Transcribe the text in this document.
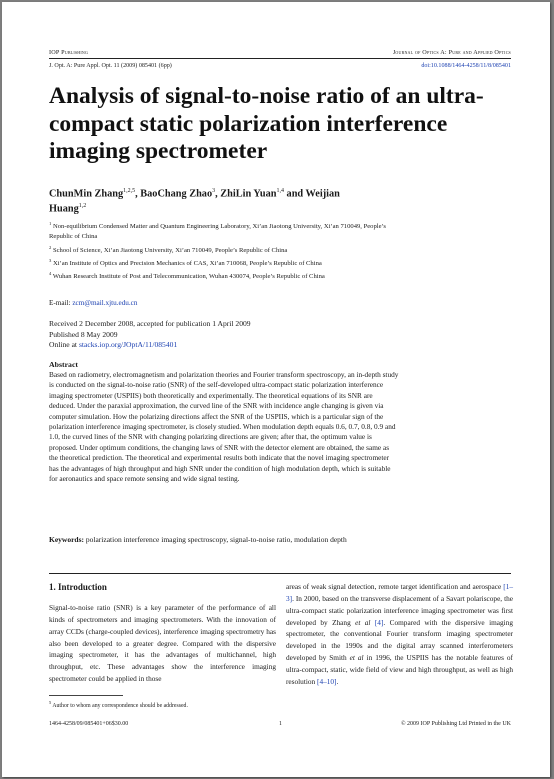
IOP Publishing	Journal of Optics A: Pure and Applied Optics
J. Opt. A: Pure Appl. Opt. 11 (2009) 085401 (6pp)	doi:10.1088/1464-4258/11/8/085401
Analysis of signal-to-noise ratio of an ultra-compact static polarization interference imaging spectrometer
ChunMin Zhang$^{1,2,5}$, BaoChang Zhao$^3$, ZhiLin Yuan$^{1,4}$ and Weijian Huang$^{1,2}$
$^1$ Non-equilibrium Condensed Matter and Quantum Engineering Laboratory, Xi’an Jiaotong University, Xi’an 710049, People’s Republic of China
$^2$ School of Science, Xi’an Jiaotong University, Xi’an 710049, People’s Republic of China
$^3$ Xi’an Institute of Optics and Precision Mechanics of CAS, Xi’an 710068, People’s Republic of China
$^4$ Wuhan Research Institute of Post and Telecommunication, Wuhan 430074, People’s Republic of China
E-mail: zcm@mail.xjtu.edu.cn
Received 2 December 2008, accepted for publication 1 April 2009
Published 8 May 2009
Online at stacks.iop.org/JOptA/11/085401
Abstract
Based on radiometry, electromagnetism and polarization theories and Fourier transform spectroscopy, an in-depth study is conducted on the signal-to-noise ratio (SNR) of the self-developed ultra-compact static polarization interference imaging spectrometer (USPIIS) both theoretically and experimentally. The theoretical equations of its SNR are deduced. Under the paraxial approximation, the curved line of the SNR with incidence angle changing is given via computer simulation. How the polarizing directions affect the SNR of the USPIIS, which is a particular sign of the polarization interference imaging spectrometer, is closely studied. When modulation depth equals 0.6, 0.7, 0.8, 0.9 and 1.0, the curved lines of the SNR with changing polarizing directions are given; after that, the optimum value is proposed. Under optimum conditions, the changing laws of SNR with the detector element are obtained, the same as the theoretical prediction. The theoretical and experimental results both indicate that the novel imaging spectrometer has the advantages of high throughput and high SNR under the condition of high modulation depth, which is suitable for aeronautics and space remote sensing and wide signal testing.
Keywords: polarization interference imaging spectroscopy, signal-to-noise ratio, modulation depth
1. Introduction
Signal-to-noise ratio (SNR) is a key parameter of the performance of all kinds of spectrometers and imaging spectrometers. With the innovation of array CCDs (charge-coupled devices), interference imaging spectrometry has also been developed to a greater degree. Compared with the dispersive imaging spectrometer, it has the advantages of multichannel, high throughput, etc. These advantages show the interference imaging spectrometer could be applied in those
areas of weak signal detection, remote target identification and aerospace [1–3]. In 2000, based on the transverse displacement of a Savart polariscope, the ultra-compact static polarization interference imaging spectrometer was first developed by Zhang et al [4]. Compared with the dispersive imaging spectrometer, the conventional Fourier transform imaging spectrometer developed in the 1990s and the digital array scanned interferometers developed by Smith et al in 1996, the USPIIS has the notable features of ultra-compact, static, wide field of view and high throughput, as well as high resolution [4–10].
$^5$ Author to whom any correspondence should be addressed.
1464-4258/09/085401+06$30.00	1	© 2009 IOP Publishing Ltd Printed in the UK
